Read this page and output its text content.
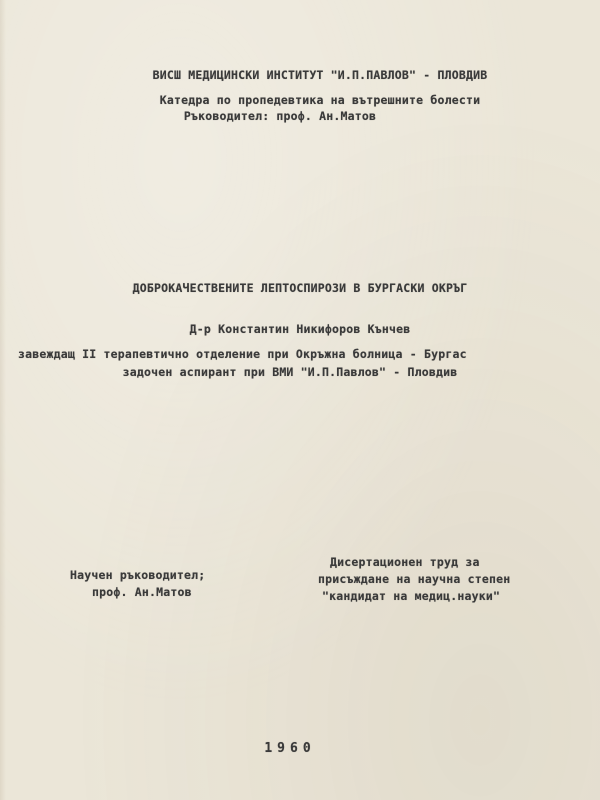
ВИСШ МЕДИЦИНСКИ ИНСТИТУТ "И.П.ПАВЛОВ" - ПЛОВДИВ
Катедра по пропедевтика на вътрешните болести
Ръководител: проф. Ан.Матов
ДОБРОКАЧЕСТВЕНИТЕ ЛЕПТОСПИРОЗИ В БУРГАСКИ ОКРЪГ
Д-р Константин Никифоров Кънчев
завеждащ II терапевтично отделение при Окръжна болница - Бургас
задочен аспирант при ВМИ "И.П.Павлов" - Пловдив
Научен ръководител;
проф. Ан.Матов
Дисертационен труд за
присъждане на научна степен
"кандидат на медиц.науки"
1960
